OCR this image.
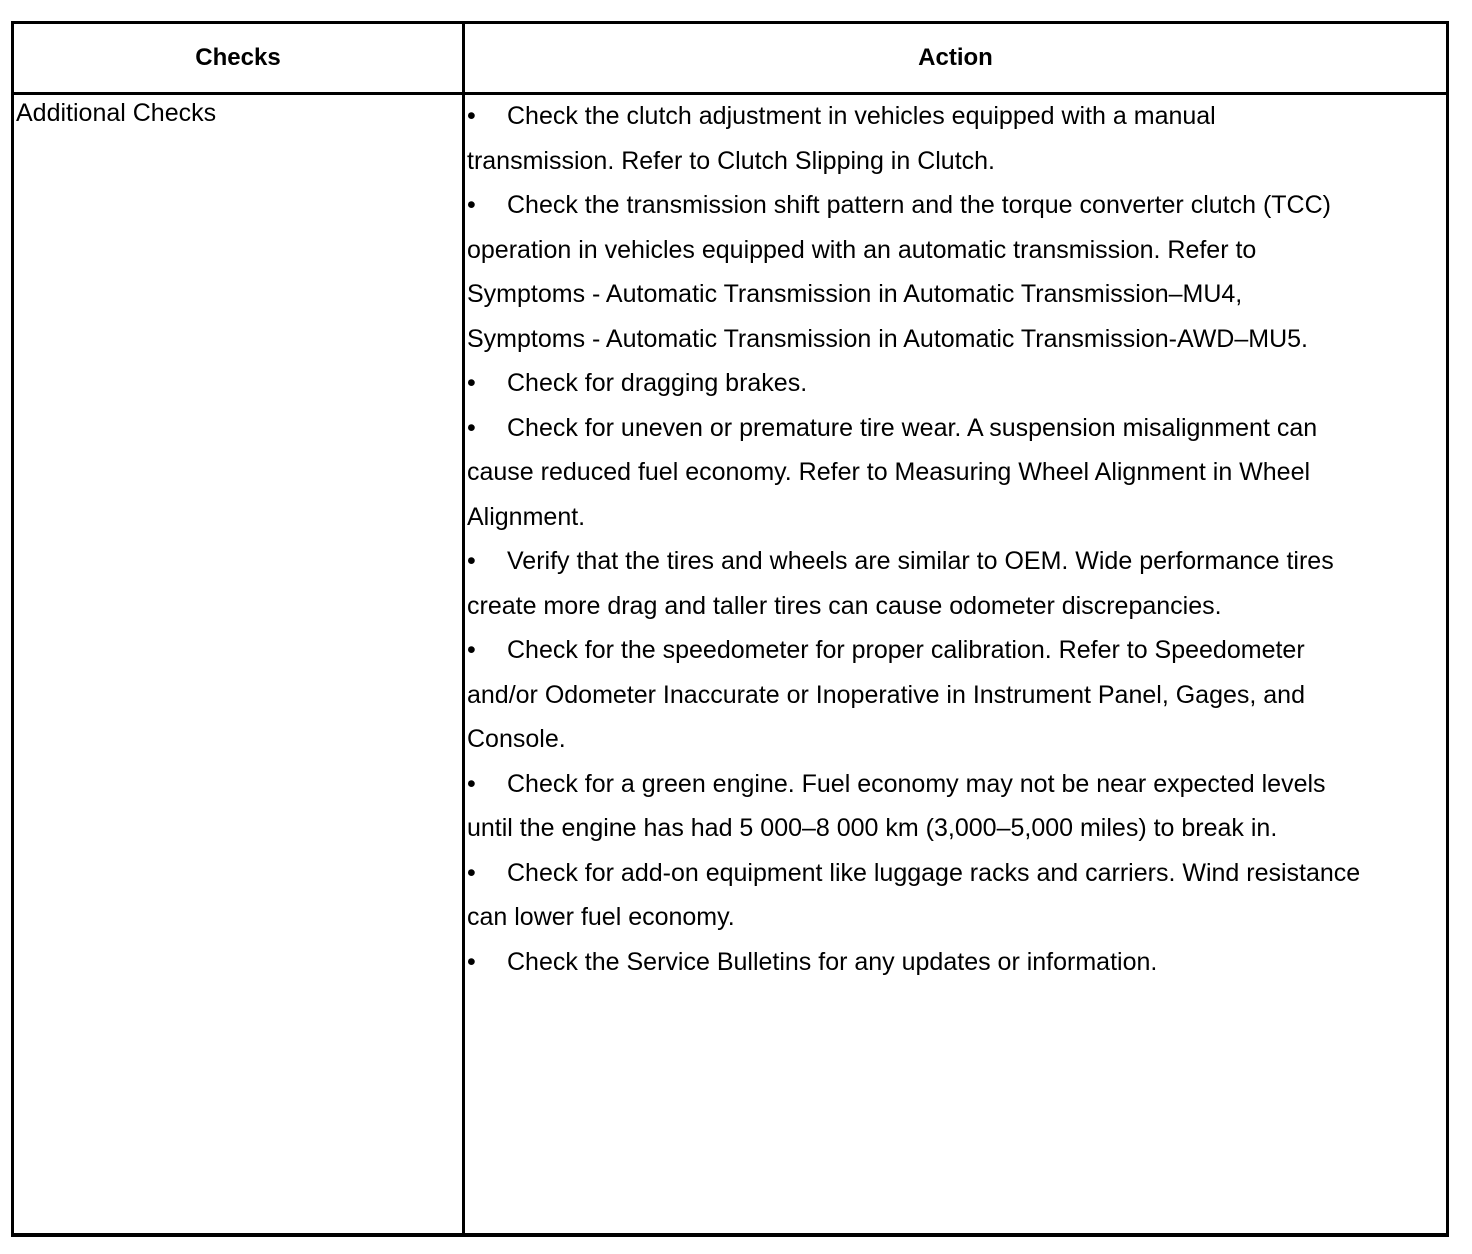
Checks	Action
Additional Checks	• Check the clutch adjustment in vehicles equipped with a manual transmission. Refer to Clutch Slipping in Clutch.

• Check the transmission shift pattern and the torque converter clutch (TCC) operation in vehicles equipped with an automatic transmission. Refer to Symptoms - Automatic Transmission in Automatic Transmission–MU4, Symptoms - Automatic Transmission in Automatic Transmission-AWD–MU5.

• Check for dragging brakes.

• Check for uneven or premature tire wear. A suspension misalignment can cause reduced fuel economy. Refer to Measuring Wheel Alignment in Wheel Alignment.

• Verify that the tires and wheels are similar to OEM. Wide performance tires create more drag and taller tires can cause odometer discrepancies.

• Check for the speedometer for proper calibration. Refer to Speedometer and/or Odometer Inaccurate or Inoperative in Instrument Panel, Gages, and Console.

• Check for a green engine. Fuel economy may not be near expected levels until the engine has had 5 000–8 000 km (3,000–5,000 miles) to break in.

• Check for add-on equipment like luggage racks and carriers. Wind resistance can lower fuel economy.

• Check the Service Bulletins for any updates or information.
